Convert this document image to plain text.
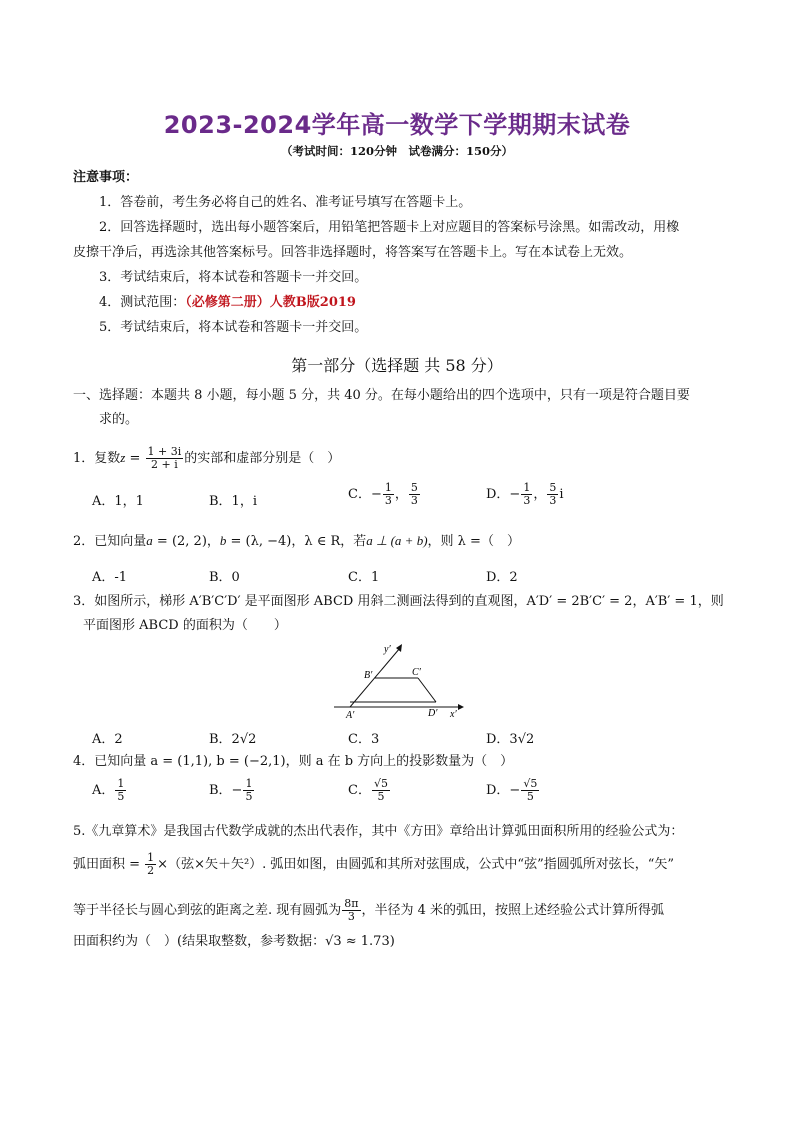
2023-2024学年高一数学下学期期末试卷
（考试时间：120分钟　试卷满分：150分）
注意事项：
1．答卷前，考生务必将自己的姓名、准考证号填写在答题卡上。
2．回答选择题时，选出每小题答案后，用铅笔把答题卡上对应题目的答案标号涂黑。如需改动，用橡
皮擦干净后，再选涂其他答案标号。回答非选择题时，将答案写在答题卡上。写在本试卷上无效。
3．考试结束后，将本试卷和答题卡一并交回。
4．测试范围：（必修第二册）人教B版2019
5．考试结束后，将本试卷和答题卡一并交回。
第一部分（选择题 共 58 分）
一、选择题：本题共 8 小题，每小题 5 分，共 40 分。在每小题给出的四个选项中，只有一项是符合题目要
求的。
1．复数$z = \frac{1 + 3i}{2 + i}$ 的实部和虚部分别是（　）
A．1，1	B．1，i	C．− $\frac{1}{3}$ ， $\frac{5}{3}$	D．− $\frac{1}{3}$ ， $\frac{5}{3}$ i
2．已知向量a = (2, 2)，b = (λ, −4)，λ ∈ R，若a ⊥ (a + b)，则 λ =（　）
A．-1	B．0	C．1	D．2
3．如图所示，梯形 A′B′C′D′ 是平面图形 ABCD 用斜二测画法得到的直观图，A′D′ = 2B′C′ = 2，A′B′ = 1，则
平面图形 ABCD 的面积为（　　）
y′
B′	C′
A′	D′ x′
A．2	B．2√2	C．3	D．3√2
4．已知向量 a = (1,1), b = (−2,1)，则 a 在 b 方向上的投影数量为（　）
A． $\frac{1}{5}$	B．− $\frac{1}{5}$	C． $\frac{√5}{5}$	D．− $\frac{√5}{5}$
5.《九章算术》是我国古代数学成就的杰出代表作，其中《方田》章给出计算弧田面积所用的经验公式为：
弧田面积 = $\frac{1}{2}$ ×（弦×矢＋矢²）. 弧田如图，由圆弧和其所对弦围成，公式中“弦”指圆弧所对弦长，“矢”
等于半径长与圆心到弦的距离之差. 现有圆弧为 $\frac{8\pi}{3}$ ，半径为 4 米的弧田，按照上述经验公式计算所得弧
田面积约为（　）(结果取整数，参考数据：√3 ≈ 1.73)
